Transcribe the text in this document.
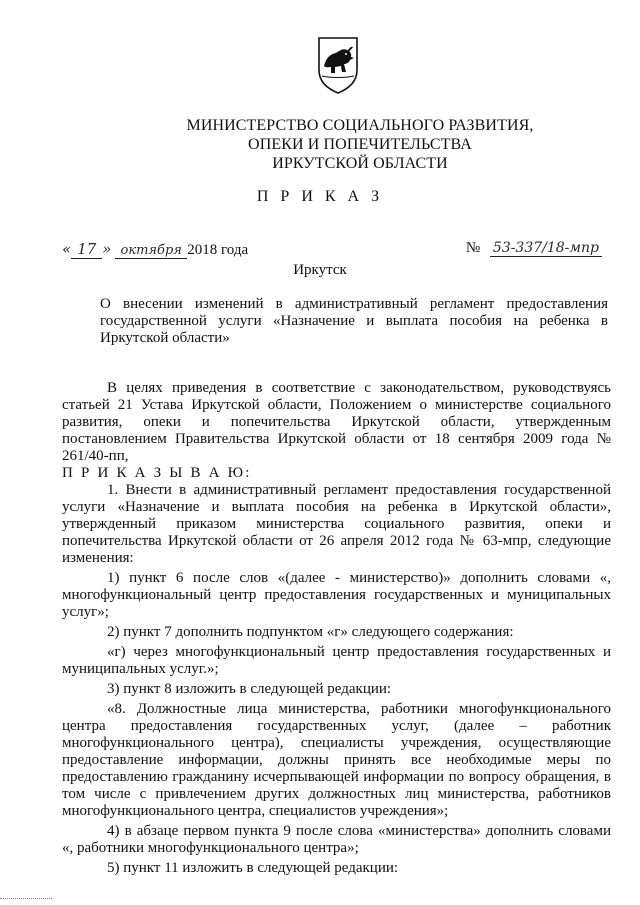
МИНИСТЕРСТВО СОЦИАЛЬНОГО РАЗВИТИЯ,
ОПЕКИ И ПОПЕЧИТЕЛЬСТВА
ИРКУТСКОЙ ОБЛАСТИ
П Р И К А З
« 17 » октября 2018 года	№ 53-337/18-мпр
Иркутск
О внесении изменений в административный регламент предоставления государственной услуги «Назначение и выплата пособия на ребенка в Иркутской области»

В целях приведения в соответствие с законодательством, руководствуясь статьей 21 Устава Иркутской области, Положением о министерстве социального развития, опеки и попечительства Иркутской области, утвержденным постановлением Правительства Иркутской области от 18 сентября 2009 года № 261/40-пп,

П Р И К А З Ы В А Ю:

1. Внести в административный регламент предоставления государственной услуги «Назначение и выплата пособия на ребенка в Иркутской области», утвержденный приказом министерства социального развития, опеки и попечительства Иркутской области от 26 апреля 2012 года № 63-мпр, следующие изменения:

1) пункт 6 после слов «(далее - министерство)» дополнить словами «, многофункциональный центр предоставления государственных и муниципальных услуг»;

2) пункт 7 дополнить подпунктом «г» следующего содержания:

«г) через многофункциональный центр предоставления государственных и муниципальных услуг.»;

3) пункт 8 изложить в следующей редакции:

«8. Должностные лица министерства, работники многофункционального центра предоставления государственных услуг, (далее – работник многофункционального центра), специалисты учреждения, осуществляющие предоставление информации, должны принять все необходимые меры по предоставлению гражданину исчерпывающей информации по вопросу обращения, в том числе с привлечением других должностных лиц министерства, работников многофункционального центра, специалистов учреждения»;

4) в абзаце первом пункта 9 после слова «министерства» дополнить словами «, работники многофункционального центра»;

5) пункт 11 изложить в следующей редакции:
